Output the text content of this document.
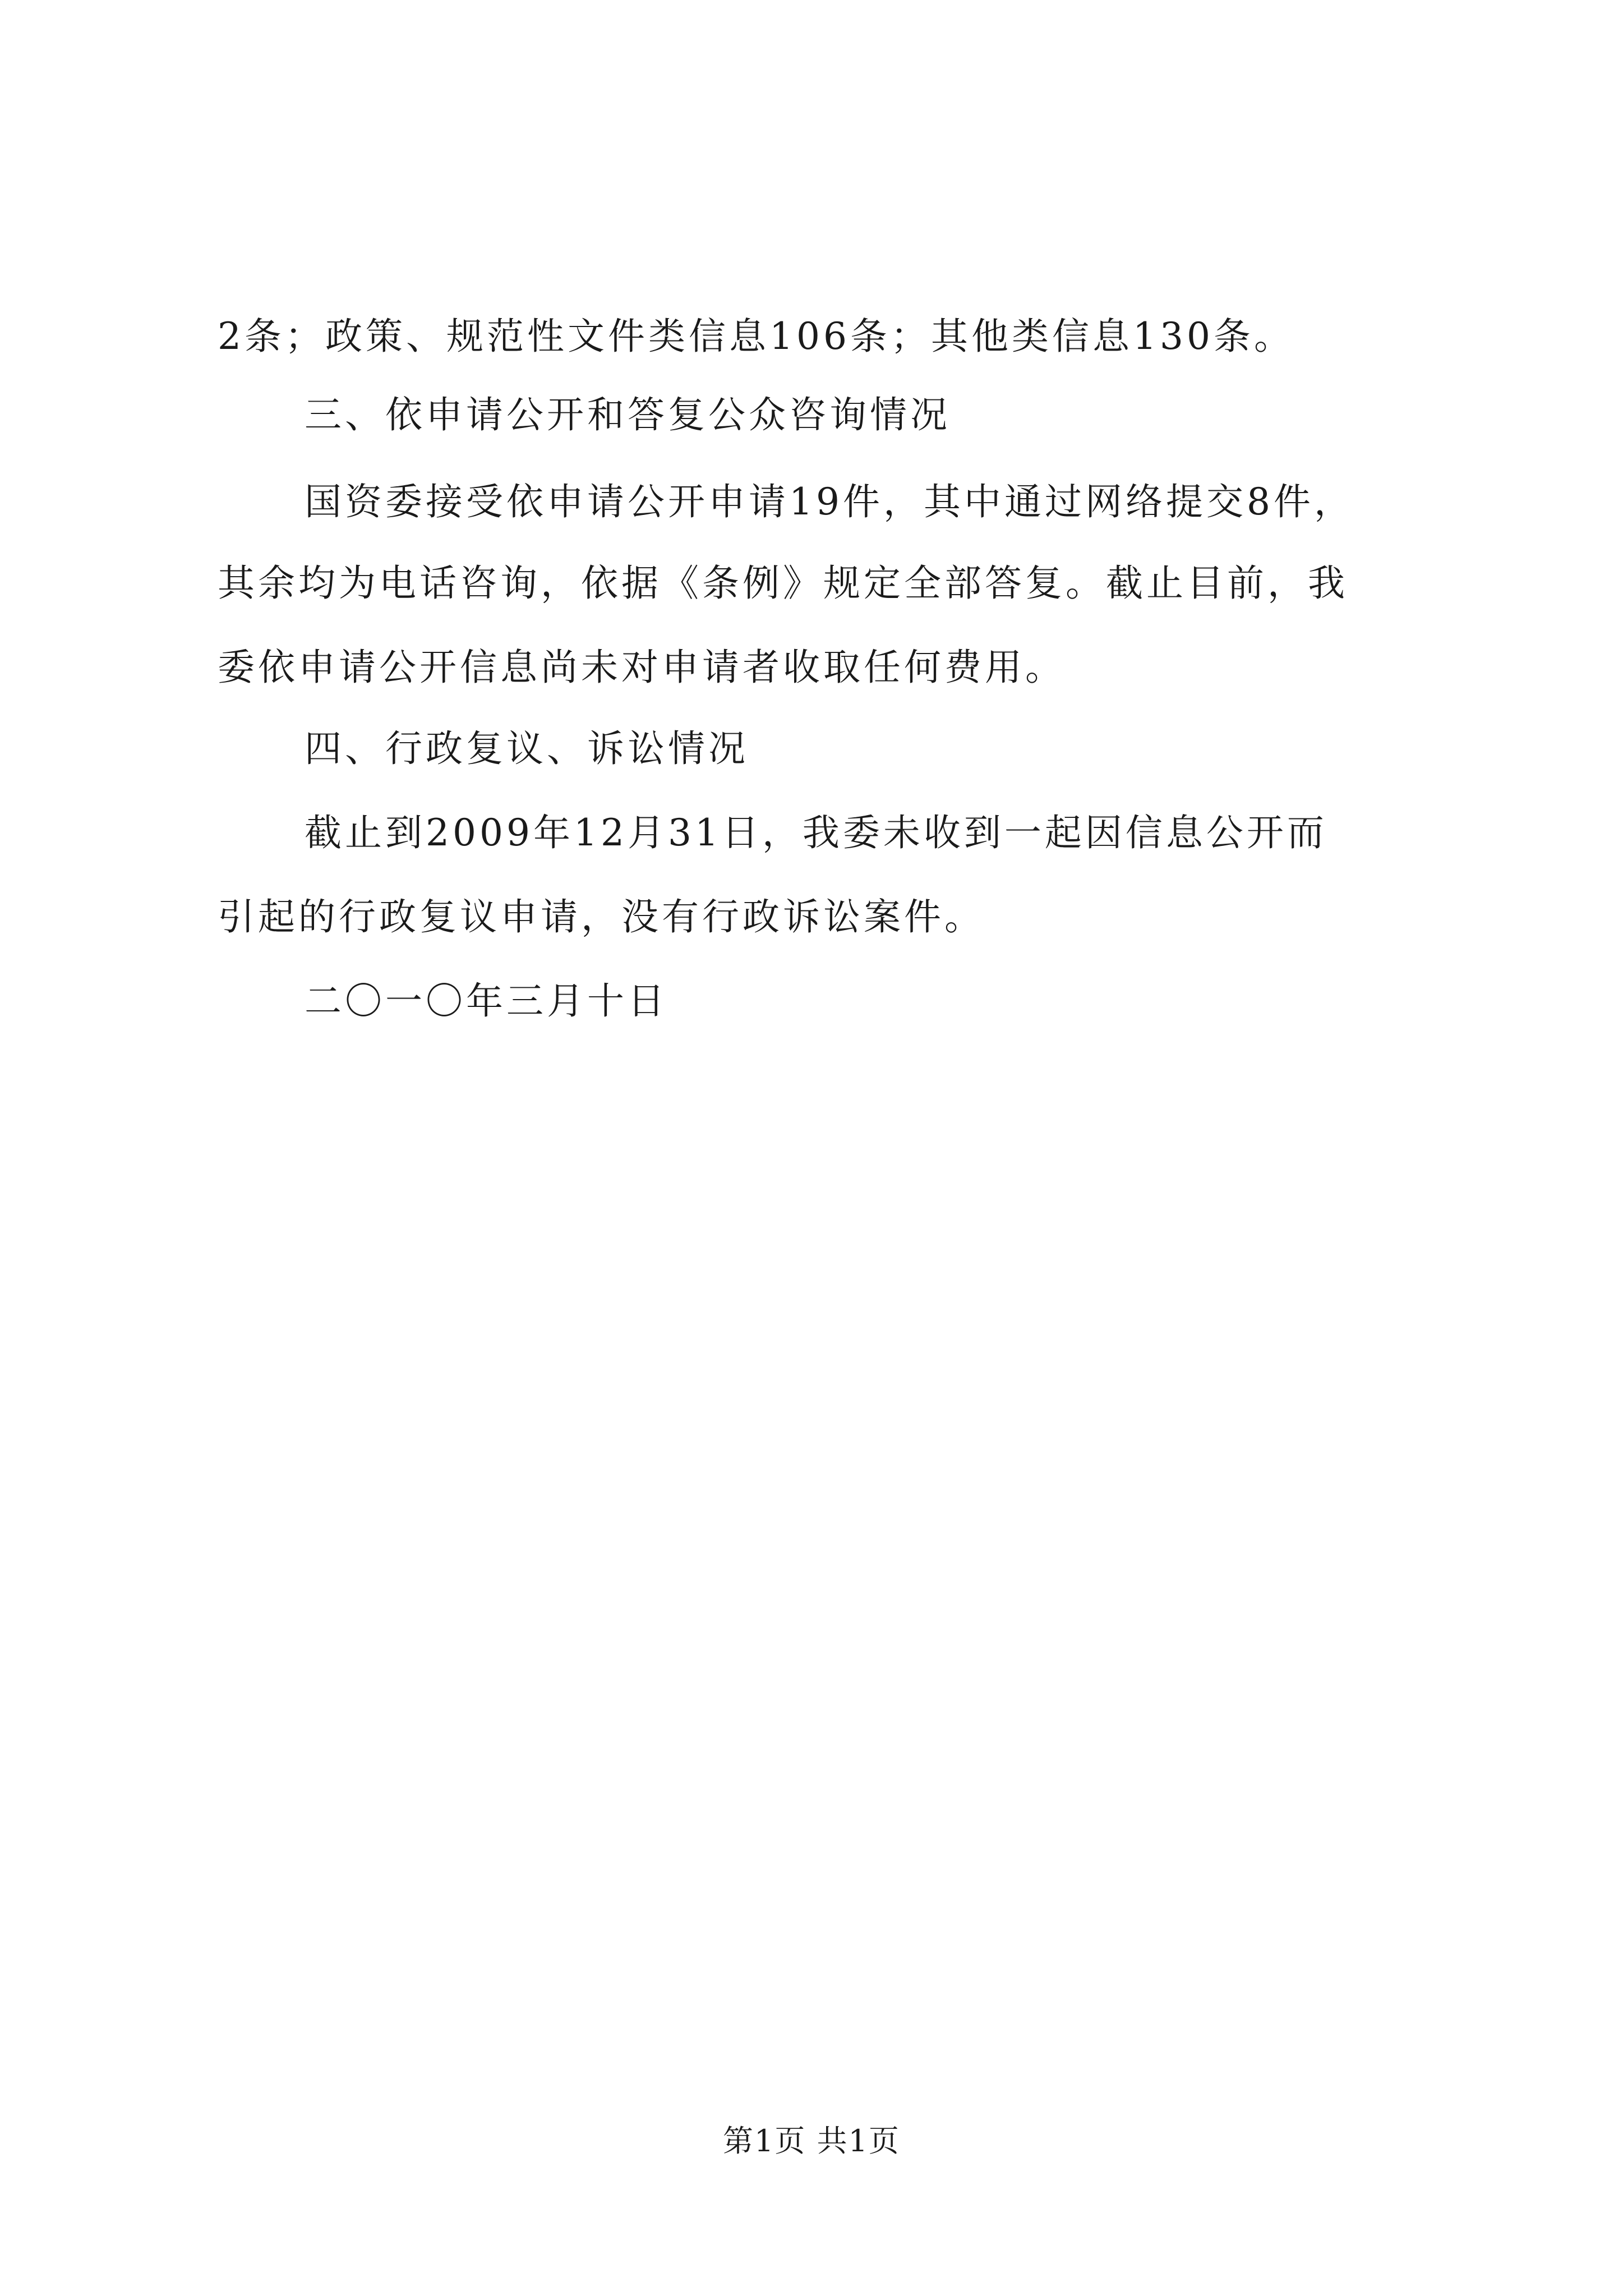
2条；政策、规范性文件类信息106条；其他类信息130条。
三、依申请公开和答复公众咨询情况
国资委接受依申请公开申请19件，其中通过网络提交8件，
其余均为电话咨询，依据《条例》规定全部答复。截止目前，我
委依申请公开信息尚未对申请者收取任何费用。
四、行政复议、诉讼情况
截止到2009年12月31日，我委未收到一起因信息公开而
引起的行政复议申请，没有行政诉讼案件。
二〇一〇年三月十日
第1页 共1页
